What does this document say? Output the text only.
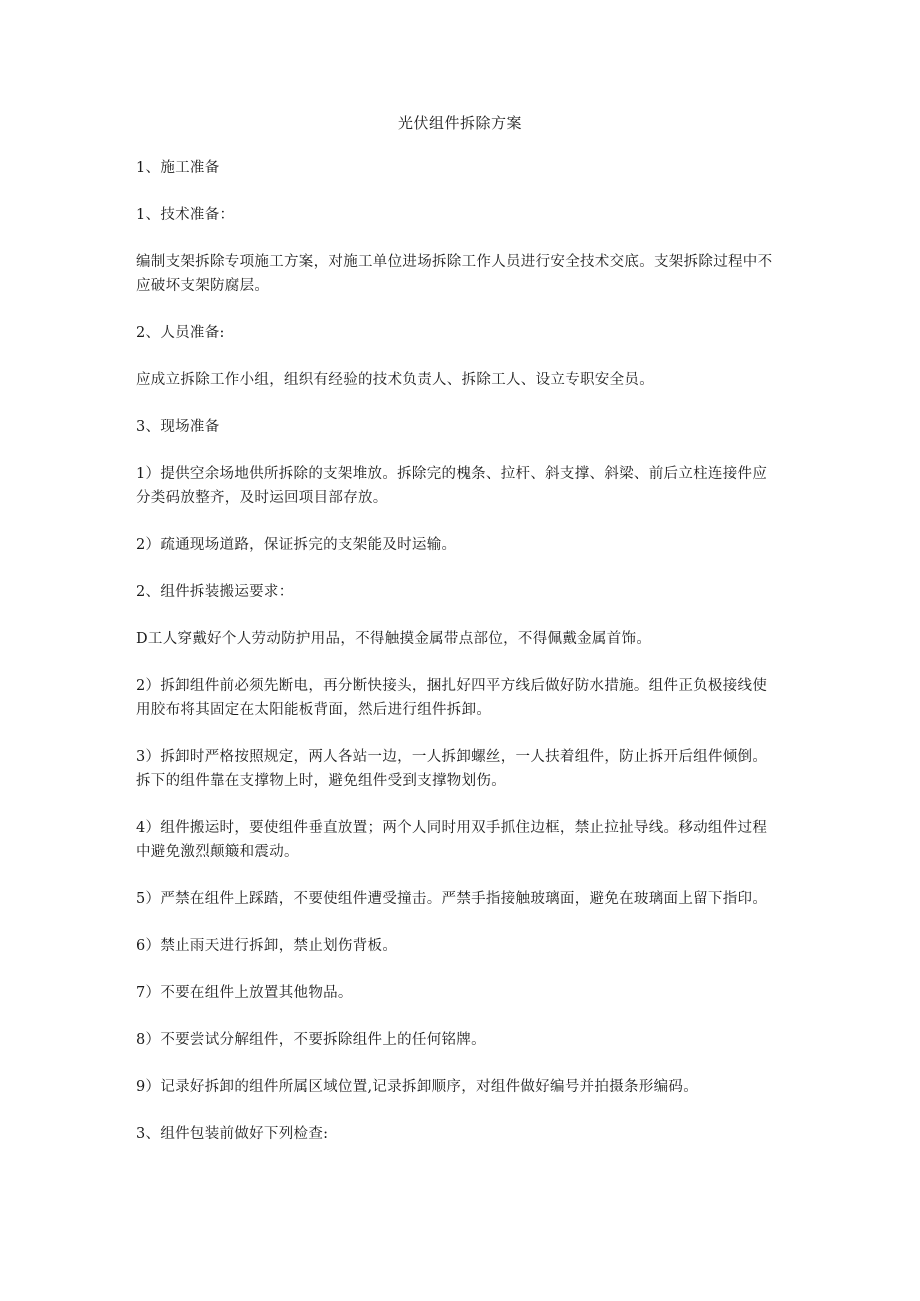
光伏组件拆除方案

1、施工准备

1、技术准备：

编制支架拆除专项施工方案，对施工单位进场拆除工作人员进行安全技术交底。支架拆除过程中不应破坏支架防腐层。

2、人员准备:

应成立拆除工作小组，组织有经验的技术负责人、拆除工人、设立专职安全员。

3、现场准备

1）提供空余场地供所拆除的支架堆放。拆除完的槐条、拉杆、斜支撑、斜梁、前后立柱连接件应分类码放整齐，及时运回项目部存放。

2）疏通现场道路，保证拆完的支架能及时运输。

2、组件拆装搬运要求：

D工人穿戴好个人劳动防护用品，不得触摸金属带点部位，不得佩戴金属首饰。

2）拆卸组件前必须先断电，再分断快接头，捆扎好四平方线后做好防水措施。组件正负极接线使用胶布将其固定在太阳能板背面，然后进行组件拆卸。

3）拆卸时严格按照规定，两人各站一边，一人拆卸螺丝，一人扶着组件，防止拆开后组件倾倒。拆下的组件靠在支撑物上时，避免组件受到支撑物划伤。

4）组件搬运时，要使组件垂直放置；两个人同时用双手抓住边框，禁止拉扯导线。移动组件过程中避免激烈颠簸和震动。

5）严禁在组件上踩踏，不要使组件遭受撞击。严禁手指接触玻璃面，避免在玻璃面上留下指印。

6）禁止雨天进行拆卸，禁止划伤背板。

7）不要在组件上放置其他物品。

8）不要尝试分解组件，不要拆除组件上的任何铭牌。

9）记录好拆卸的组件所属区域位置,记录拆卸顺序，对组件做好编号并拍摄条形编码。

3、组件包装前做好下列检查:
